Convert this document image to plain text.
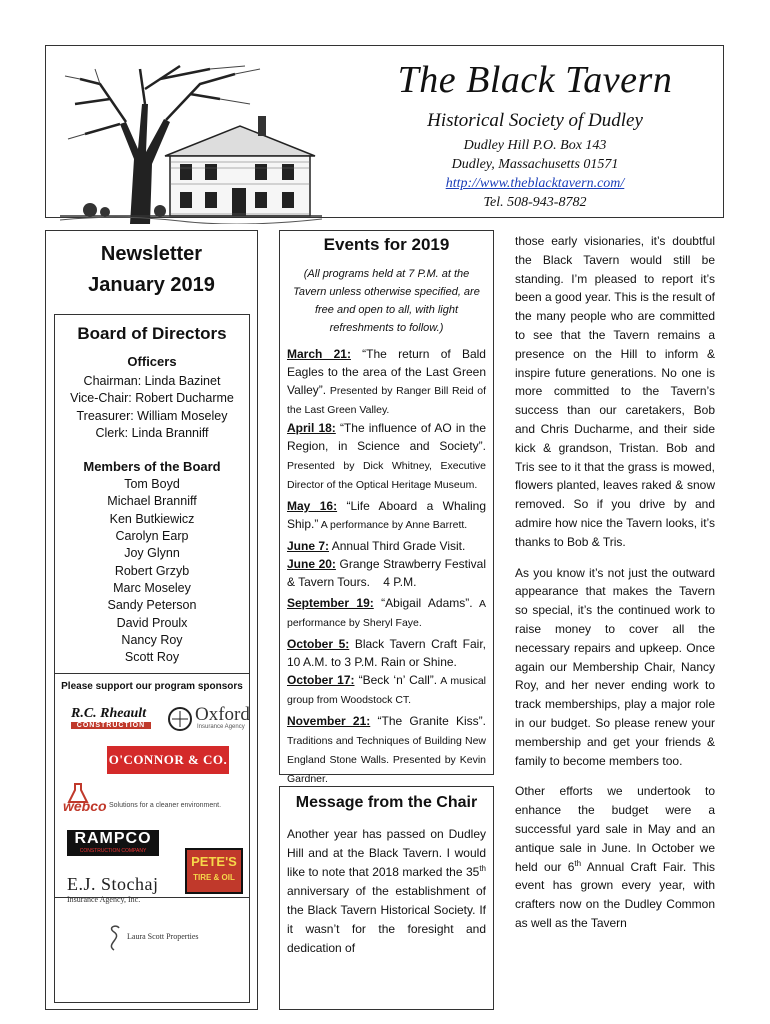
The Black Tavern
Historical Society of Dudley
Dudley Hill P.O. Box 143
Dudley, Massachusetts 01571
http://www.theblacktavern.com/
Tel. 508-943-8782
Newsletter
January 2019
Board of Directors
Officers
Chairman: Linda Bazinet
Vice-Chair: Robert Ducharme
Treasurer: William Moseley
Clerk: Linda Branniff
Members of the Board
Tom Boyd
Michael Branniff
Ken Butkiewicz
Carolyn Earp
Joy Glynn
Robert Grzyb
Marc Moseley
Sandy Peterson
David Proulx
Nancy Roy
Scott Roy
Please support our program sponsors
R.C. Rheault
CONSTRUCTION
Oxford
Insurance Agency
O'CONNOR & CO.
webco Solutions for a cleaner environment.
RAMPCO
CONSTRUCTION COMPANY
PETE'S
TIRE & OIL
E.J. Stochaj
Insurance Agency, Inc.
Laura Scott Properties
Events for 2019
(All programs held at 7 P.M. at the Tavern unless otherwise specified, are free and open to all, with light refreshments to follow.)
March 21: “The return of Bald Eagles to the area of the Last Green Valley”. Presented by Ranger Bill Reid of the Last Green Valley.
April 18: “The influence of AO in the Region, in Science and Society”. Presented by Dick Whitney, Executive Director of the Optical Heritage Museum.
May 16: “Life Aboard a Whaling Ship.” A performance by Anne Barrett.
June 7: Annual Third Grade Visit.
June 20: Grange Strawberry Festival & Tavern Tours.    4 P.M.
September 19: “Abigail Adams”. A performance by Sheryl Faye.
October 5: Black Tavern Craft Fair, 10 A.M. to 3 P.M. Rain or Shine.
October 17: “Beck ‘n’ Call”. A musical group from Woodstock CT.
November 21: “The Granite Kiss”. Traditions and Techniques of Building New England Stone Walls. Presented by Kevin Gardner.
Message from the Chair
Another year has passed on Dudley Hill and at the Black Tavern. I would like to note that 2018 marked the 35th anniversary of the establishment of the Black Tavern Historical Society. If it wasn’t for the foresight and dedication of

those early visionaries, it’s doubtful the Black Tavern would still be standing. I’m pleased to report it’s been a good year. This is the result of the many people who are committed to see that the Tavern remains a presence on the Hill to inform & inspire future generations. No one is more committed to the Tavern’s success than our caretakers, Bob and Chris Ducharme, and their side kick & grandson, Tristan. Bob and Tris see to it that the grass is mowed, flowers planted, leaves raked & snow removed. So if you drive by and admire how nice the Tavern looks, it’s thanks to Bob & Tris.

As you know it’s not just the outward appearance that makes the Tavern so special, it’s the continued work to raise money to cover all the necessary repairs and upkeep. Once again our Membership Chair, Nancy Roy, and her never ending work to track memberships, play a major role in our budget. So please renew your membership and get your friends & family to become members too.

Other efforts we undertook to enhance the budget were a successful yard sale in May and an antique sale in June. In October we held our 6th Annual Craft Fair. This event has grown every year, with crafters now on the Dudley Common as well as the Tavern
